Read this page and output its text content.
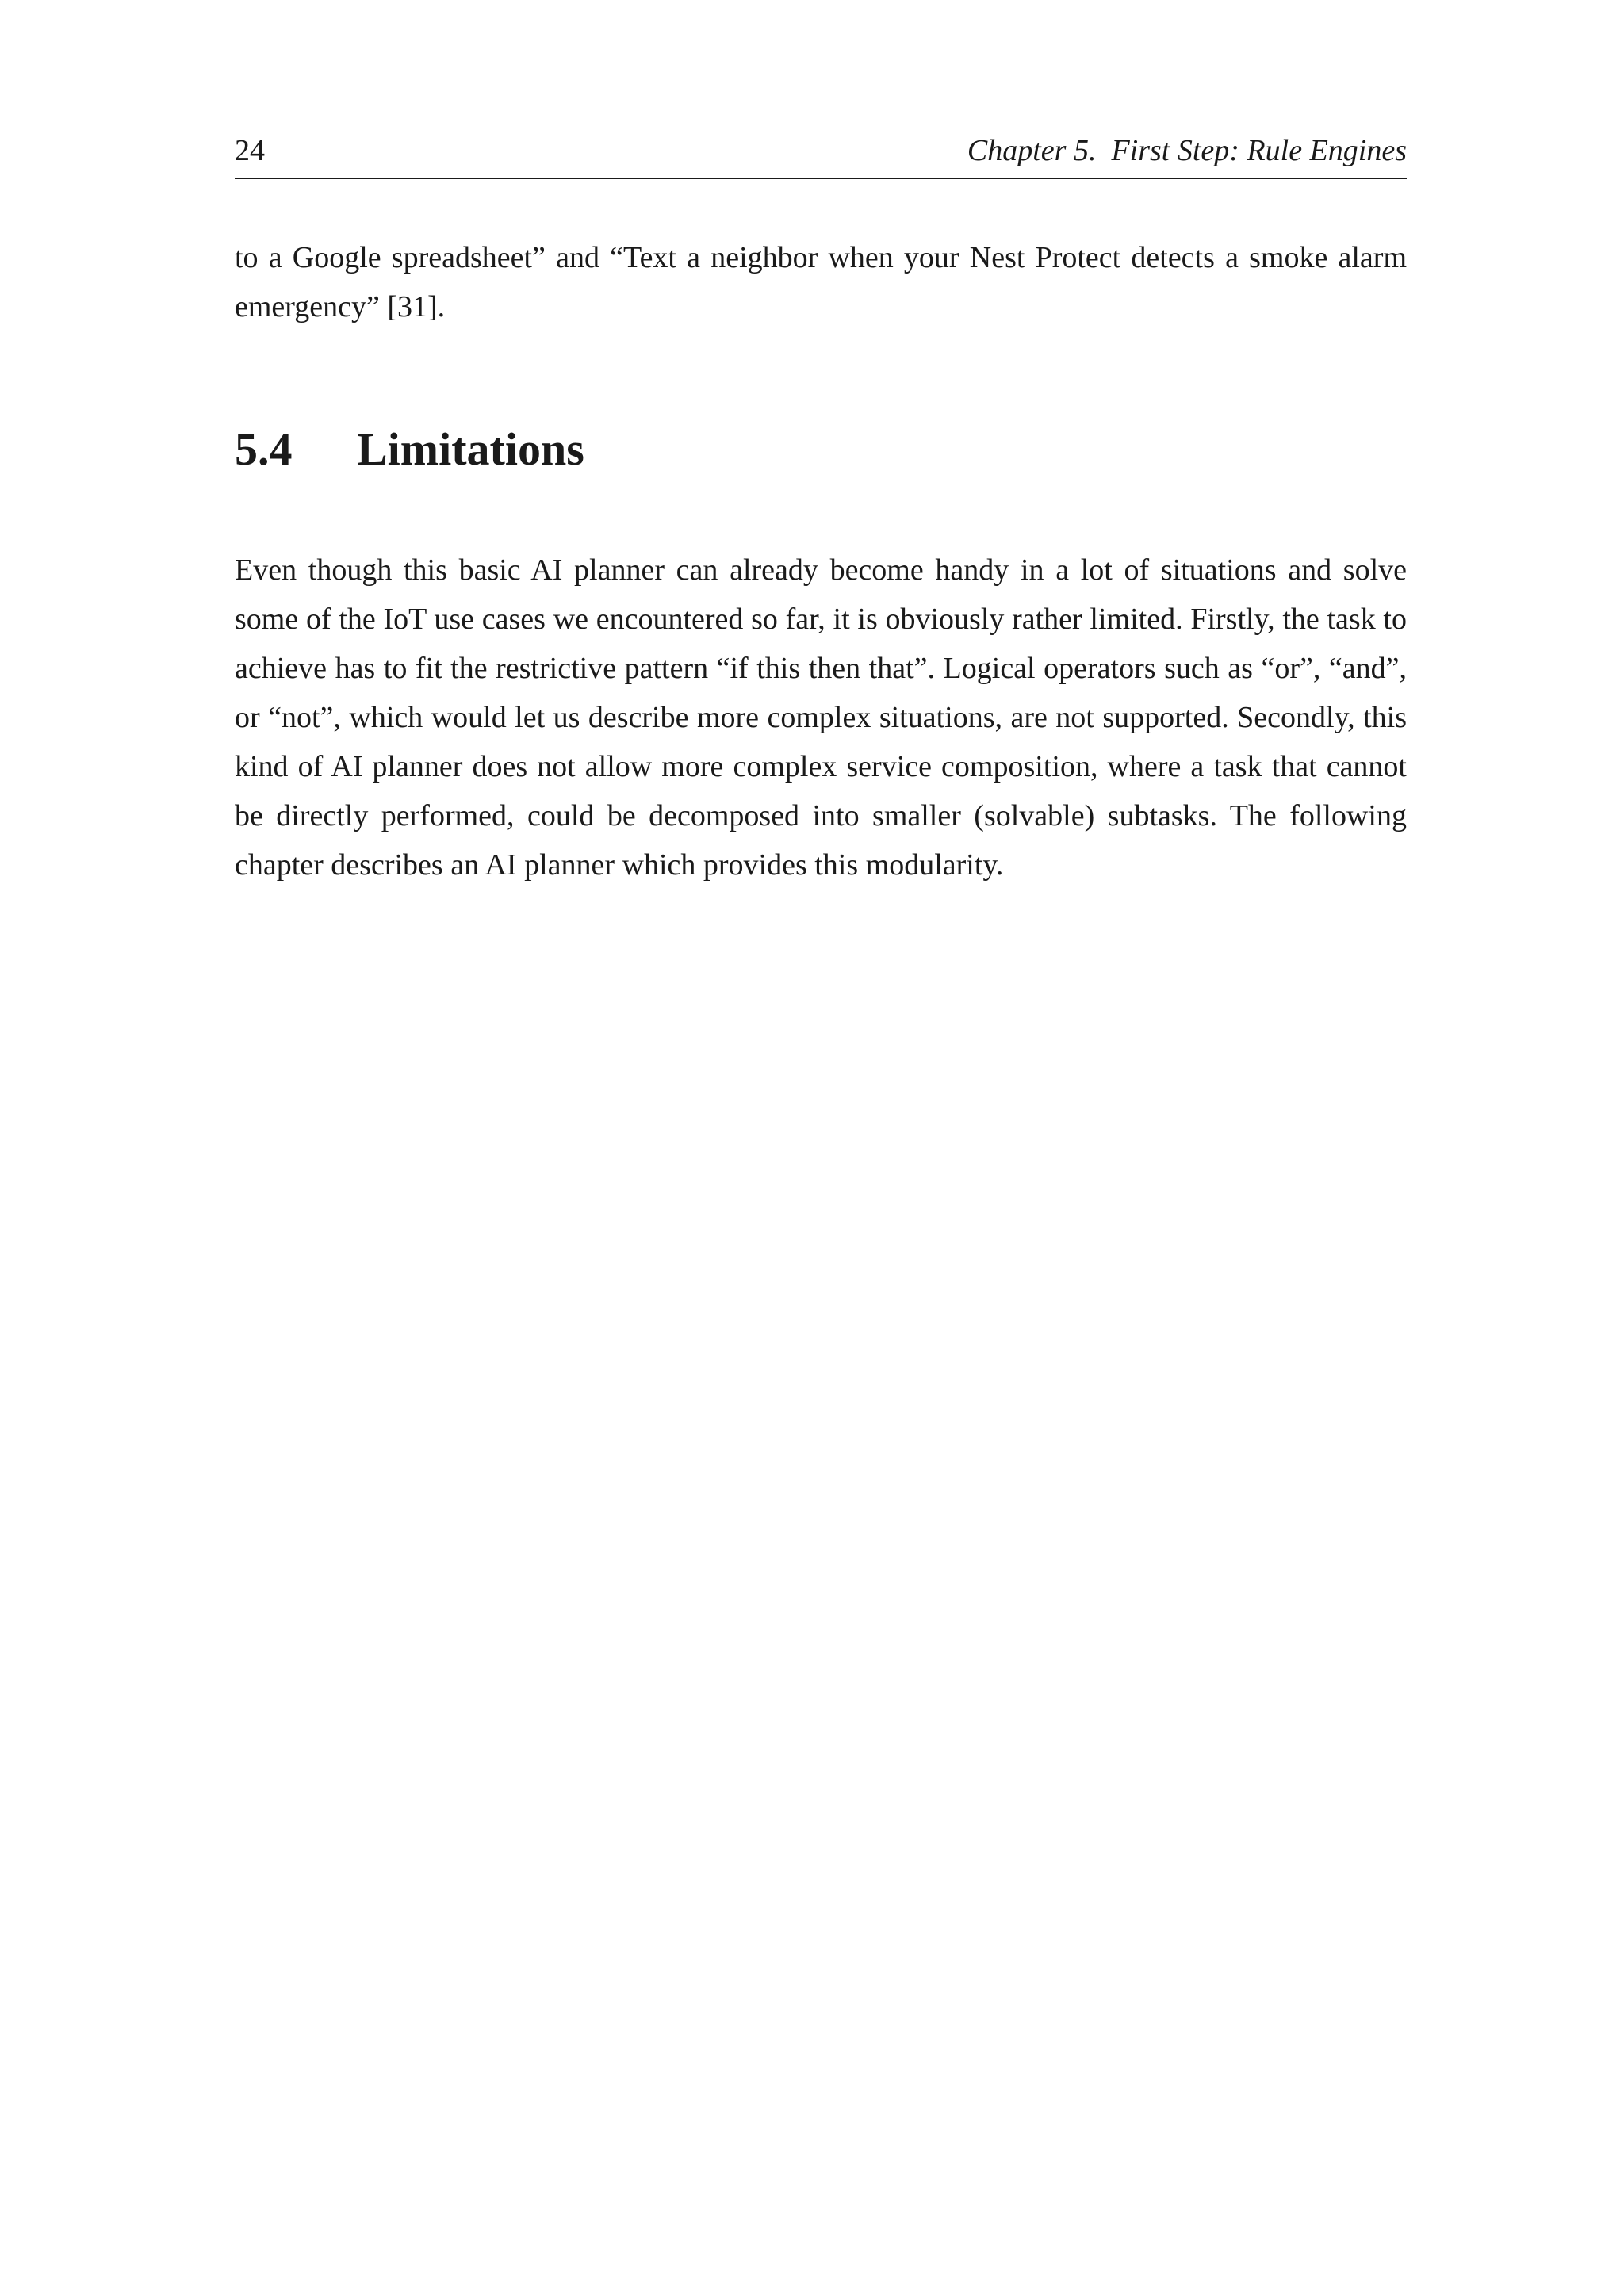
24	Chapter 5.  First Step: Rule Engines

to a Google spreadsheet” and “Text a neighbor when your Nest Protect detects a smoke alarm emergency” [31].

5.4 Limitations

Even though this basic AI planner can already become handy in a lot of situations and solve some of the IoT use cases we encountered so far, it is obviously rather limited. Firstly, the task to achieve has to fit the restrictive pattern “if this then that”. Logical operators such as “or”, “and”, or “not”, which would let us describe more complex situations, are not supported. Secondly, this kind of AI planner does not allow more complex service composition, where a task that cannot be directly performed, could be decomposed into smaller (solvable) subtasks. The following chapter describes an AI planner which provides this modularity.
